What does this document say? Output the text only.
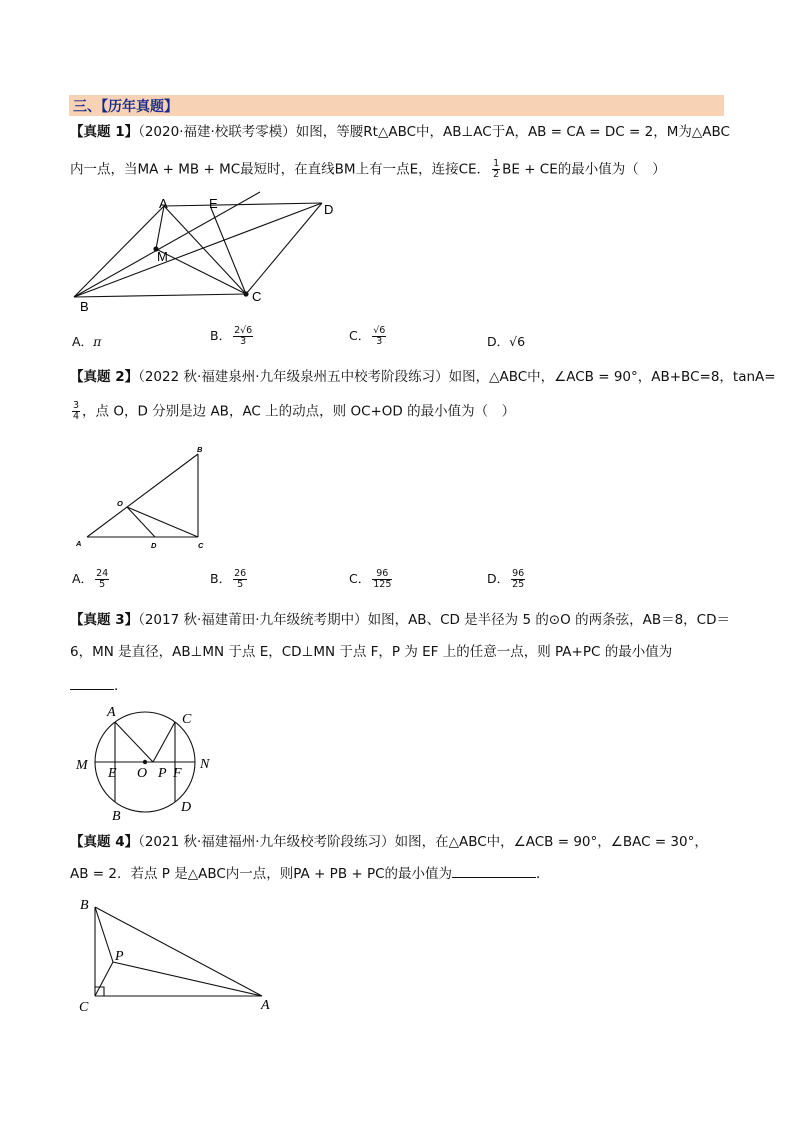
三、【历年真题】
【真题 1】（2020·福建·校联考零模）如图，等腰Rt△ABC中，AB⊥AC于A，AB = CA = DC = 2，M为△ABC
内一点，当MA + MB + MC最短时，在直线BM上有一点E，连接CE． $\frac{1}{2}$ BE + CE的最小值为（　）
A	E	D
M
B
C
A．π	B． $\frac{2√6}{3}$	C． $\frac{√6}{3}$	D．√6
【真题 2】（2022 秋·福建泉州·九年级泉州五中校考阶段练习）如图，△ABC中，∠ACB = 90°，AB+BC=8，tanA=
$\frac{3}{4}$ ，点 O，D 分别是边 AB，AC 上的动点，则 OC+OD 的最小值为（　）
B
O
A	D	C
A． $\frac{24}{5}$	B． $\frac{26}{5}$	C． $\frac{96}{125}$	D． $\frac{96}{25}$
【真题 3】（2017 秋·福建莆田·九年级统考期中）如图，AB、CD 是半径为 5 的⊙O 的两条弦，AB＝8，CD＝
6，MN 是直径，AB⊥MN 于点 E，CD⊥MN 于点 F，P 为 EF 上的任意一点，则 PA+PC 的最小值为
．
A	C
M
E O P F
N
B
D
【真题 4】（2021 秋·福建福州·九年级校考阶段练习）如图，在△ABC中，∠ACB = 90°，∠BAC = 30°，
AB = 2．若点 P 是△ABC内一点，则PA + PB + PC的最小值为	．
B
P
C	A
